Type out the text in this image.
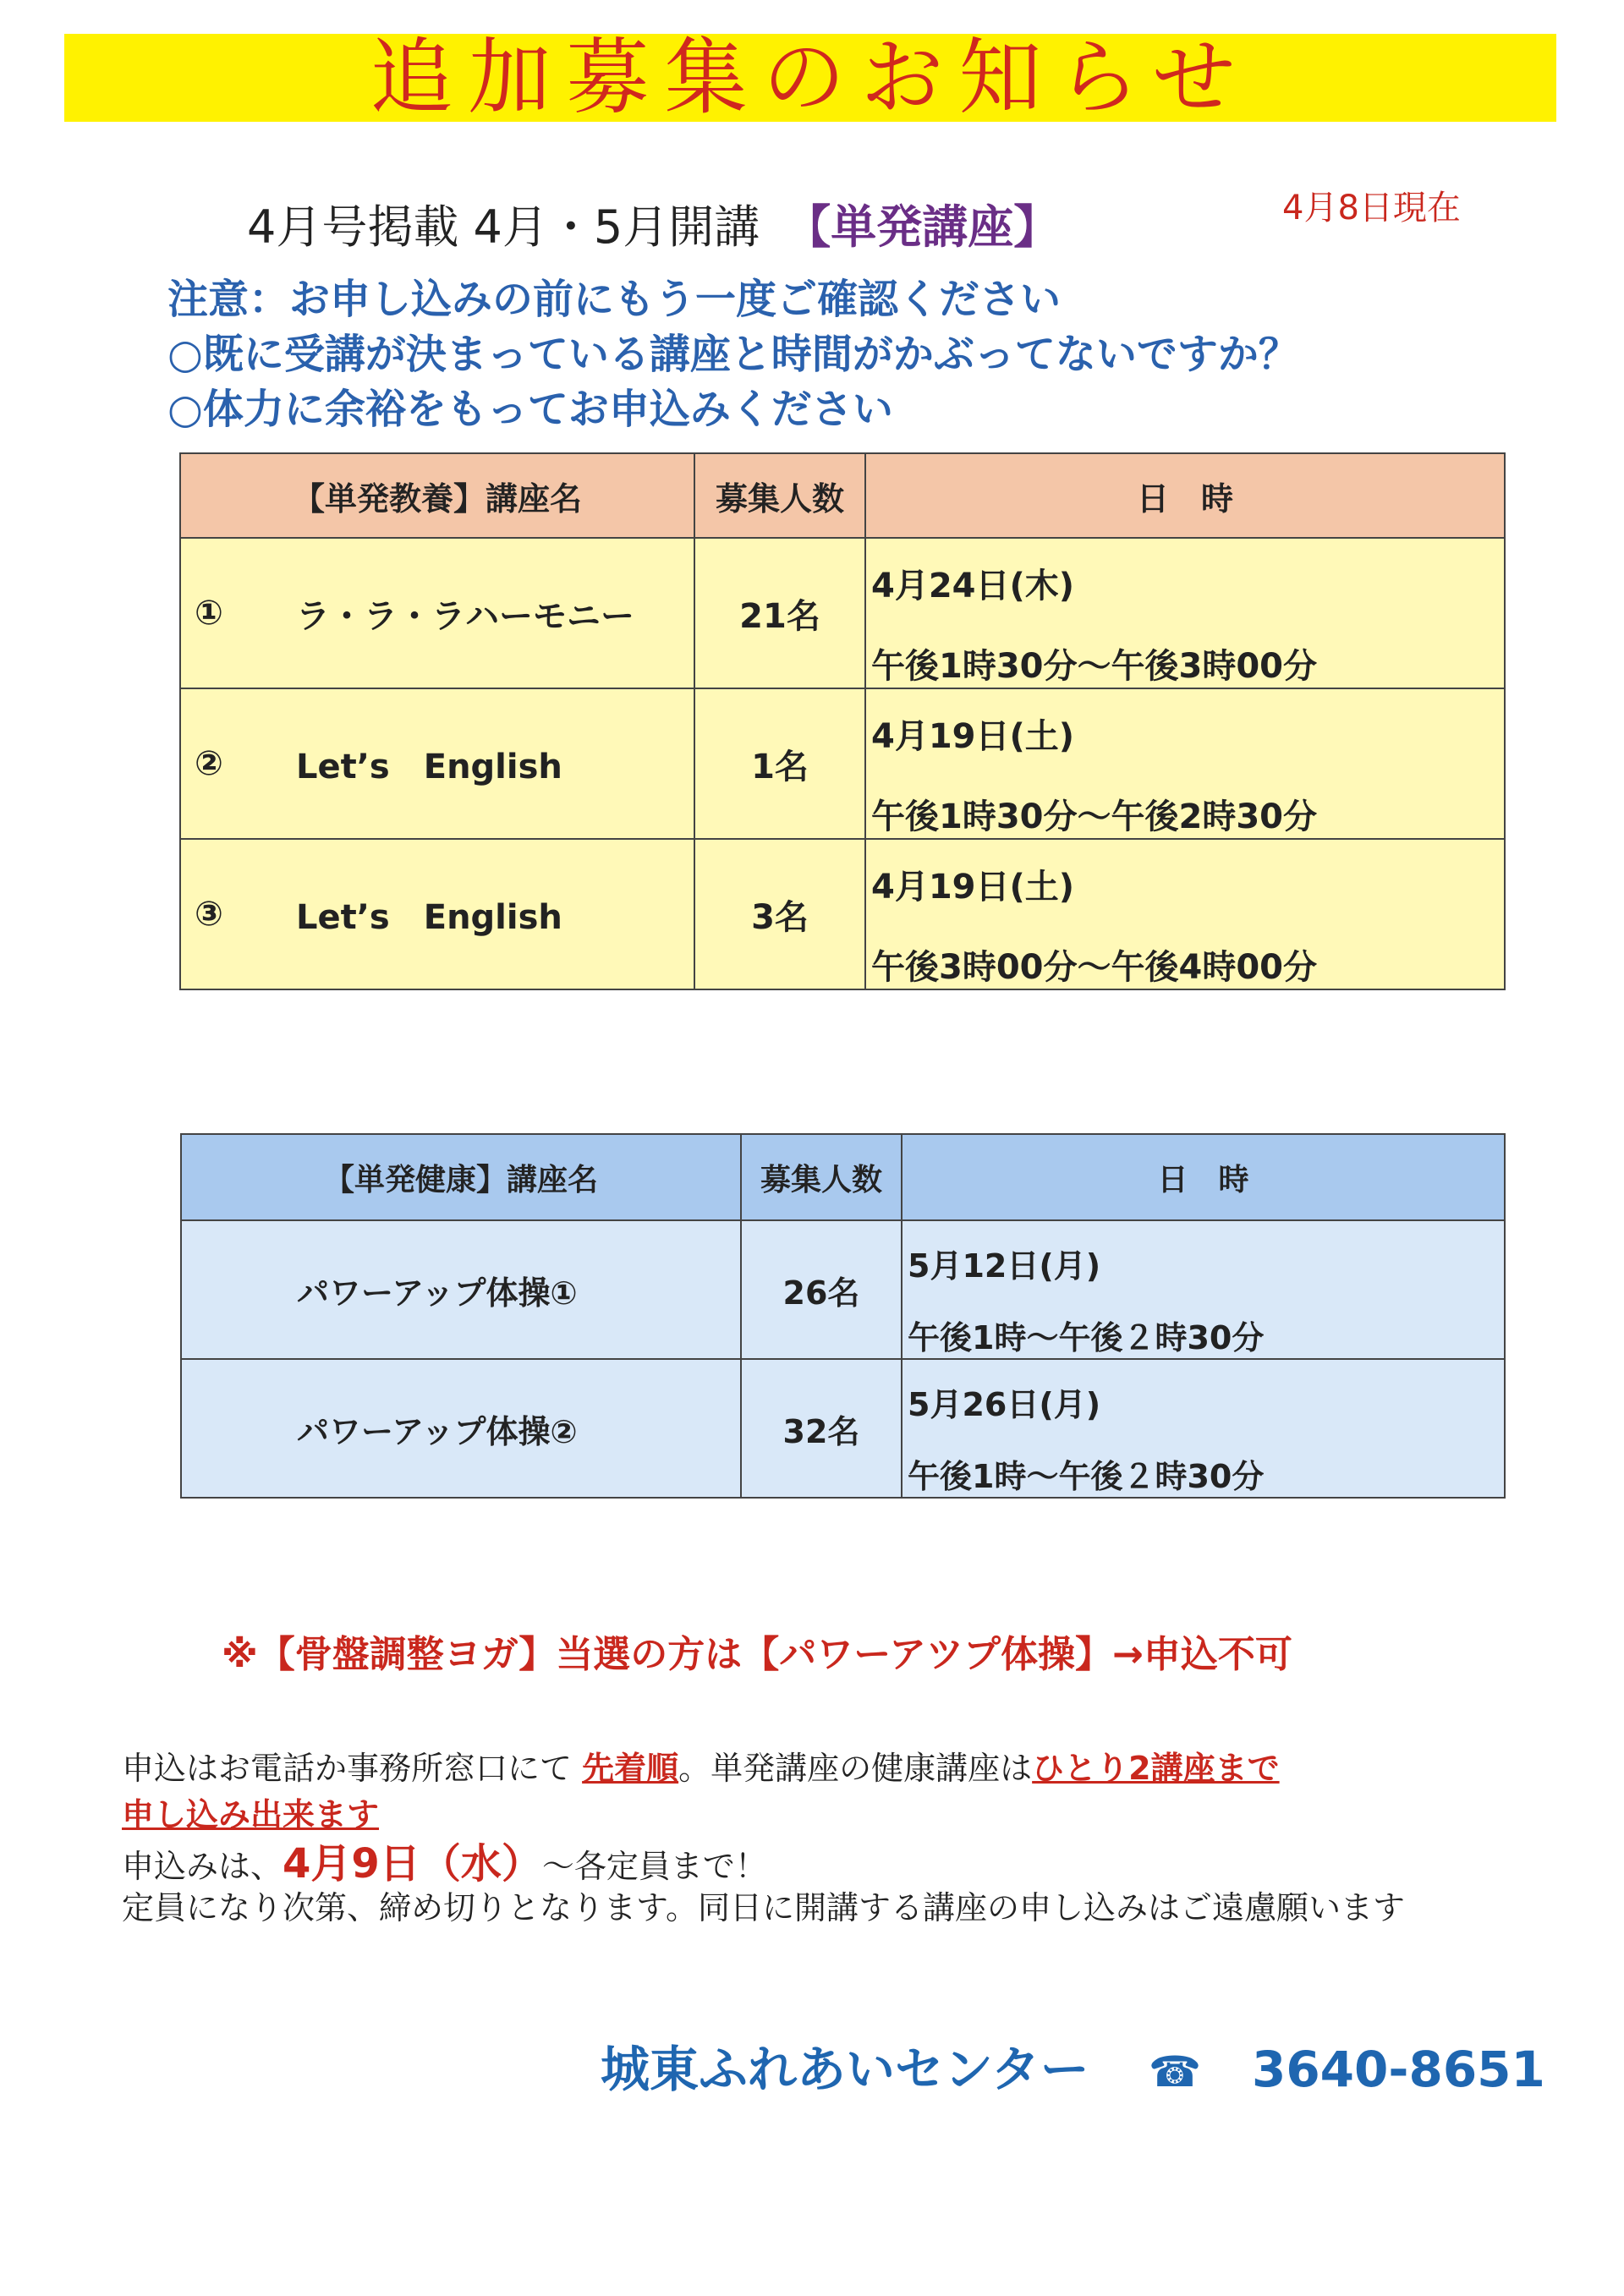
追加募集のお知らせ
4月号掲載 4月・5月開講 【単発講座】	4月8日現在
注意：お申し込みの前にもう一度ご確認ください
○既に受講が決まっている講座と時間がかぶってないですか？
○体力に余裕をもってお申込みください
【単発教養】講座名	募集人数	日　時

① ラ・ラ・ラハーモニー	21名	4月24日(木)
午後1時30分～午後3時00分

② Let’s　English	1名	4月19日(土)
午後1時30分～午後2時30分

③ Let’s　English	3名	4月19日(土)
午後3時00分～午後4時00分
【単発健康】講座名	募集人数	日　時
パワーアップ体操①	26名	5月12日(月)
午後1時～午後２時30分

パワーアップ体操②	32名	5月26日(月)
午後1時～午後２時30分
※【骨盤調整ヨガ】当選の方は【パワーアツプ体操】→申込不可
申込はお電話か事務所窓口にて 先着順。単発講座の健康講座はひとり2講座まで
申し込み出来ます
申込みは、4月9日（水）～各定員まで！
定員になり次第、締め切りとなります。同日に開講する講座の申し込みはご遠慮願います
城東ふれあいセンター ☎ 3640-8651
